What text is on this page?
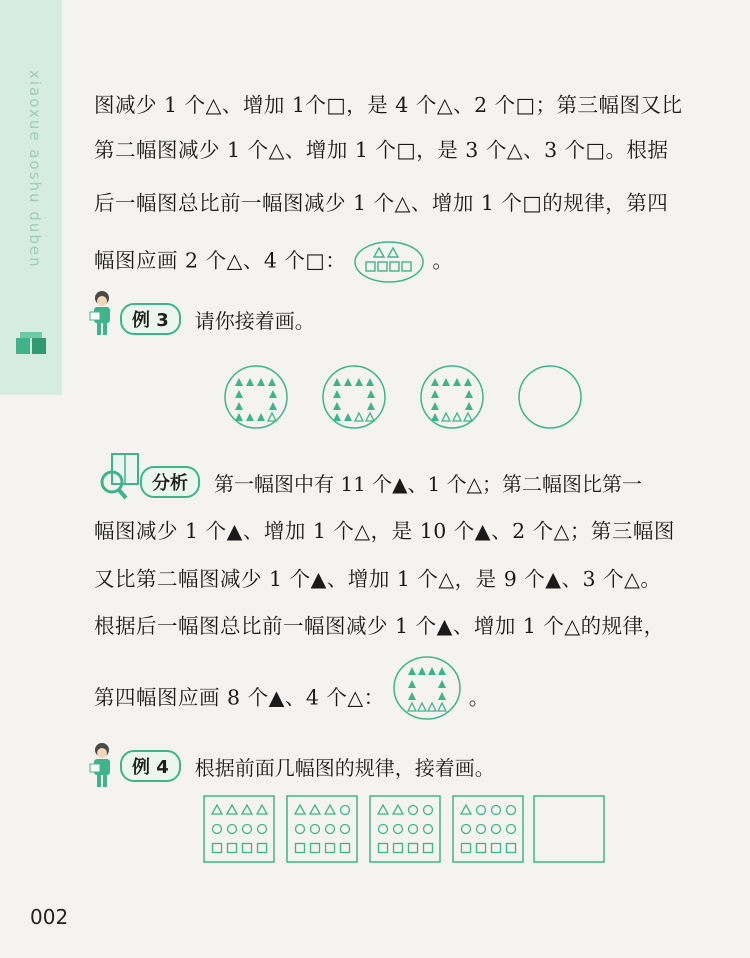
xiaoxue aoshu duben 图减少 1 个△、增加 1个□，是 4 个△、2 个□；第三幅图又比
第二幅图减少 1 个△、增加 1 个□，是 3 个△、3 个□。根据
后一幅图总比前一幅图减少 1 个△、增加 1 个□的规律，第四
幅图应画 2 个△、4 个□：	。
例 3	请你接着画。
分析	第一幅图中有 11 个▲、1 个△；第二幅图比第一
幅图减少 1 个▲、增加 1 个△，是 10 个▲、2 个△；第三幅图
又比第二幅图减少 1 个▲、增加 1 个△，是 9 个▲、3 个△。
根据后一幅图总比前一幅图减少 1 个▲、增加 1 个△的规律，
第四幅图应画 8 个▲、4 个△：	。
例 4	根据前面几幅图的规律，接着画。
002
